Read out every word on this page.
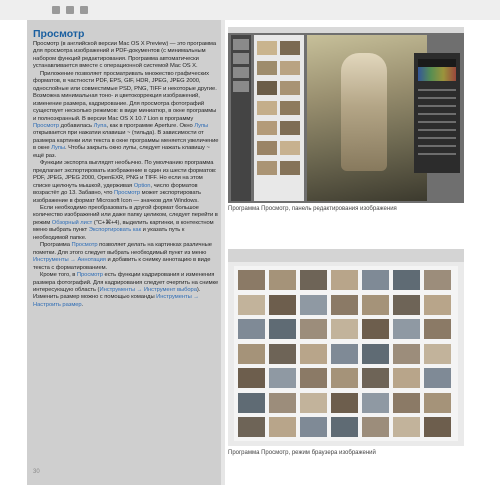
Просмотр

Просмотр (в английской версии Mac OS X Preview) — это программа для просмотра изображений и PDF-документов (с минимальным набором функций редактирования. Программа автоматически устанавливается вместе с операционной системой Mac OS X.

Приложение позволяет просматривать множество графических форматов, в частности PDF, EPS, GIF, HDR, JPEG, JPEG 2000, однослойные или совместимые PSD, PNG, TIFF и некоторые другие. Возможна минимальная тоно- и цветокоррекция изображений, изменение размера, кадрирование. Для просмотра фотографий существует несколько режимов: в виде миниатюр, в окне программы и полноэкранный. В версии Mac OS X 10.7 Lion в программу Просмотр добавилась Лупа, как в программе Aperture. Окно Лупы открывается при нажатии клавиши ~ (тильда). В зависимости от размера картинки или текста в окне программы меняется увеличение в окне Лупы. Чтобы закрыть окно лупы, следует нажать клавишу ~ ещё раз.

Функции экспорта выглядят необычно. По умолчанию программа предлагает экспортировать изображение в один из шести форматов: PDF, JPEG, JPEG 2000, OpenEXR, PNG и TIFF. Но если на этом списке щелкнуть мышкой, удерживая Option, число форматов возрастёт до 13. Забавно, что Просмотр может экспортировать изображение в формат Microsoft Icon — значков для Windows.

Если необходимо преобразовать в другой формат большое количество изображений или даже папку целиком, следует перейти в режим Обзорный лист ("C+⌘+4), выделить картинки, в контекстном меню выбрать пункт Экспортировать как и указать путь к необходимой папке.

Программа Просмотр позволяет делать на картинках различные пометки. Для этого следует выбрать необходимый пункт из меню Инструменты → Аннотация и добавить к снимку аннотацию в виде текста с форматированием.

Кроме того, в Просмотр есть функции кадрирования и изменения размера фотографий. Для кадрирования следует очертить на снимке интересующую область (Инструменты → Инструмент выбора). Изменить размер можно с помощью команды Инструменты → Настроить размер.

30
Программа Просмотр, панель редактирования изображения
Программа Просмотр, режим браузера изображений
